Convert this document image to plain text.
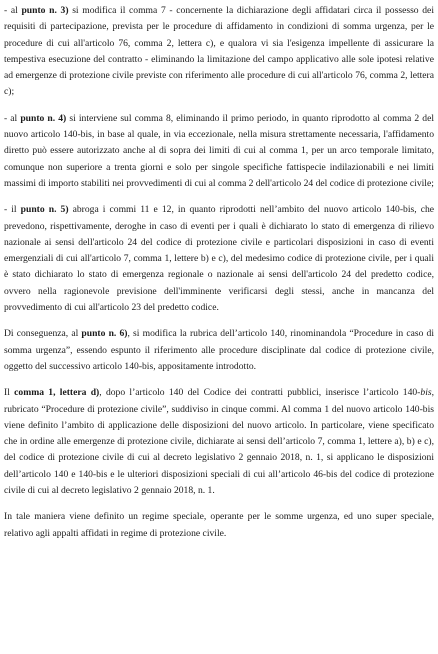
- al punto n. 3) si modifica il comma 7 - concernente la dichiarazione degli affidatari circa il possesso dei requisiti di partecipazione, prevista per le procedure di affidamento in condizioni di somma urgenza, per le procedure di cui all'articolo 76, comma 2, lettera c), e qualora vi sia l'esigenza impellente di assicurare la tempestiva esecuzione del contratto - eliminando la limitazione del campo applicativo alle sole ipotesi relative ad emergenze di protezione civile previste con riferimento alle procedure di cui all'articolo 76, comma 2, lettera c);

- al punto n. 4) si interviene sul comma 8, eliminando il primo periodo, in quanto riprodotto al comma 2 del nuovo articolo 140-bis, in base al quale, in via eccezionale, nella misura strettamente necessaria, l'affidamento diretto può essere autorizzato anche al di sopra dei limiti di cui al comma 1, per un arco temporale limitato, comunque non superiore a trenta giorni e solo per singole specifiche fattispecie indilazionabili e nei limiti massimi di importo stabiliti nei provvedimenti di cui al comma 2 dell'articolo 24 del codice di protezione civile;

- il punto n. 5) abroga i commi 11 e 12, in quanto riprodotti nell’ambito del nuovo articolo 140-bis, che prevedono, rispettivamente, deroghe in caso di eventi per i quali è dichiarato lo stato di emergenza di rilievo nazionale ai sensi dell'articolo 24 del codice di protezione civile e particolari disposizioni in caso di eventi emergenziali di cui all'articolo 7, comma 1, lettere b) e c), del medesimo codice di protezione civile, per i quali è stato dichiarato lo stato di emergenza regionale o nazionale ai sensi dell'articolo 24 del predetto codice, ovvero nella ragionevole previsione dell'imminente verificarsi degli stessi, anche in mancanza del provvedimento di cui all'articolo 23 del predetto codice.

Di conseguenza, al punto n. 6), si modifica la rubrica dell’articolo 140, rinominandola “Procedure in caso di somma urgenza”, essendo espunto il riferimento alle procedure disciplinate dal codice di protezione civile, oggetto del successivo articolo 140-bis, appositamente introdotto.

Il comma 1, lettera d), dopo l’articolo 140 del Codice dei contratti pubblici, inserisce l’articolo 140-bis, rubricato “Procedure di protezione civile”, suddiviso in cinque commi. Al comma 1 del nuovo articolo 140-bis viene definito l’ambito di applicazione delle disposizioni del nuovo articolo. In particolare, viene specificato che in ordine alle emergenze di protezione civile, dichiarate ai sensi dell’articolo 7, comma 1, lettere a), b) e c), del codice di protezione civile di cui al decreto legislativo 2 gennaio 2018, n. 1, si applicano le disposizioni dell’articolo 140 e 140-bis e le ulteriori disposizioni speciali di cui all’articolo 46-bis del codice di protezione civile di cui al decreto legislativo 2 gennaio 2018, n. 1.

In tale maniera viene definito un regime speciale, operante per le somme urgenza, ed uno super speciale, relativo agli appalti affidati in regime di protezione civile.
